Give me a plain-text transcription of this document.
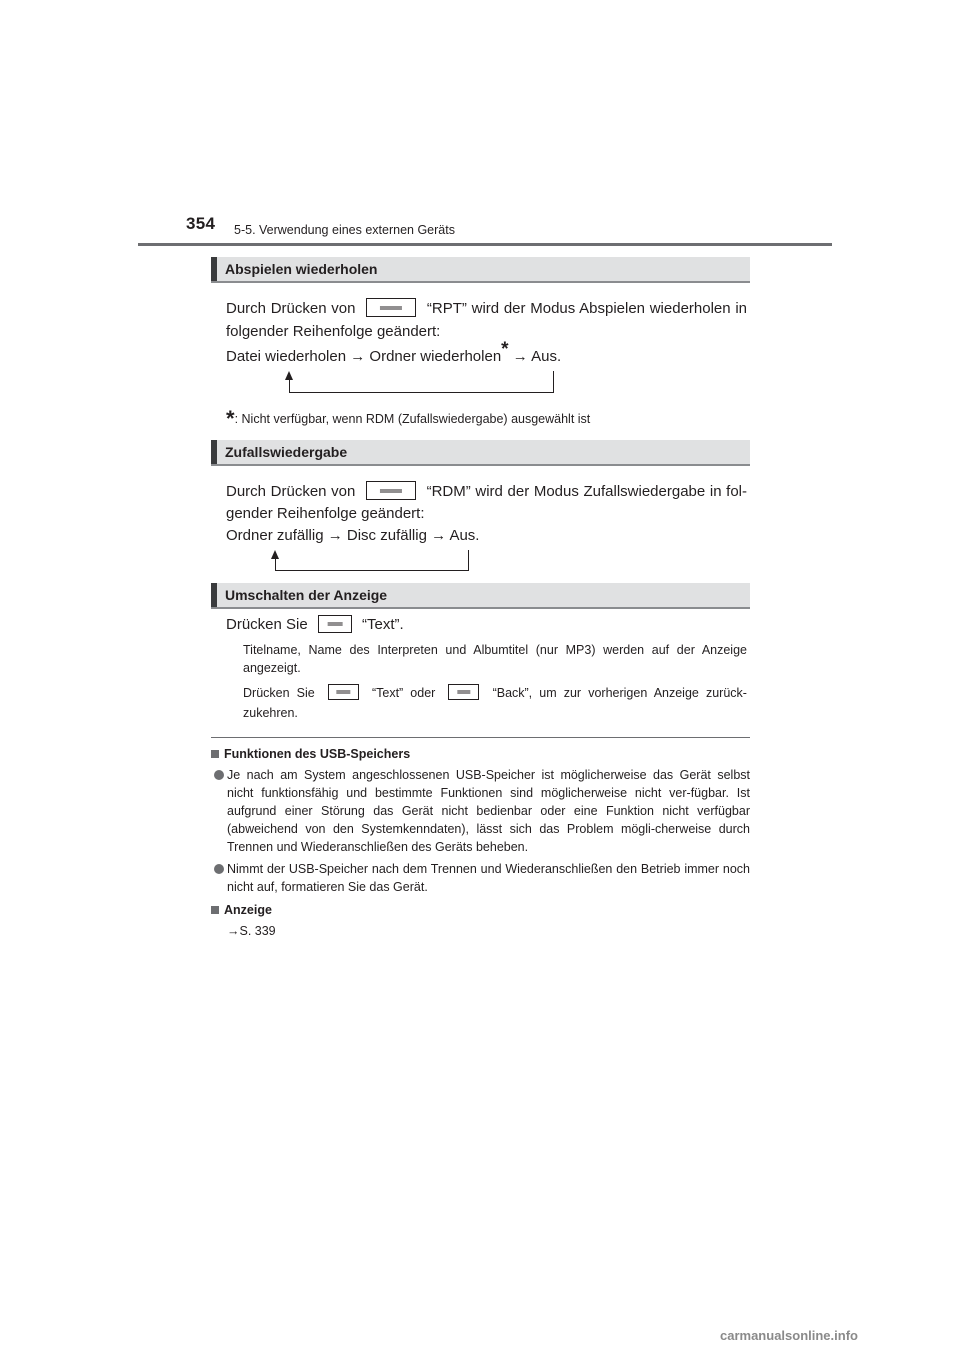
354 5-5. Verwendung eines externen Geräts
Abspielen wiederholen
Durch Drücken von	“RPT” wird der Modus Abspielen wiederholen in
folgender Reihenfolge geändert:
Datei wiederholen → Ordner wiederholen* → Aus.
*: Nicht verfügbar, wenn RDM (Zufallswiedergabe) ausgewählt ist
Zufallswiedergabe
Durch Drücken von	“RDM” wird der Modus Zufallswiedergabe in fol-
gender Reihenfolge geändert:
Ordner zufällig → Disc zufällig → Aus.
Umschalten der Anzeige
Drücken Sie	“Text”.
Titelname, Name des Interpreten und Albumtitel (nur MP3) werden auf der Anzeige angezeigt.
Drücken Sie	“Text” oder	“Back”, um zur vorherigen Anzeige zurück-
zukehren.
Funktionen des USB-Speichers
Je nach am System angeschlossenen USB-Speicher ist möglicherweise das Gerät selbst nicht funktionsfähig und bestimmte Funktionen sind möglicherweise nicht ver-fügbar. Ist aufgrund einer Störung das Gerät nicht bedienbar oder eine Funktion nicht verfügbar (abweichend von den Systemkenndaten), lässt sich das Problem mögli-cherweise durch Trennen und Wiederanschließen des Geräts beheben.
Nimmt der USB-Speicher nach dem Trennen und Wiederanschließen den Betrieb immer noch nicht auf, formatieren Sie das Gerät.
Anzeige
→S. 339
carmanualsonline.info
